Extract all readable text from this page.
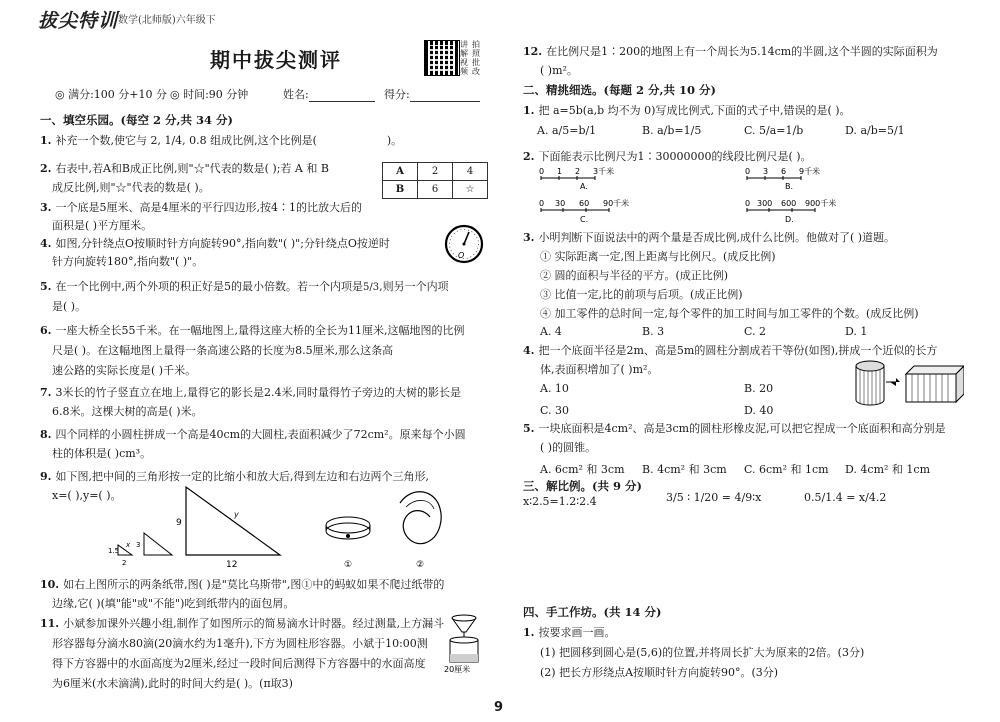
拔尖特训 数学(北师版)六年级下
期中拔尖测评
讲
解
视
频
拍
照
批
改
◎ 满分:100 分+10 分 ◎ 时间:90 分钟	姓名:	得分:
一、填空乐园。(每空 2 分,共 34 分)
1. 补充一个数,使它与 2, 1/4, 0.8 组成比例,这个比例是(	)。
2. 右表中,若A和B成正比例,则"☆"代表的数是( );若 A 和 B
成反比例,则"☆"代表的数是( )。
A	2	4
B	6	☆
3. 一个底是5厘米、高是4厘米的平行四边形,按4∶1的比放大后的
面积是( )平方厘米。
4. 如图,分针绕点O按顺时针方向旋转90°,指向数"( )";分针绕点O按逆时
针方向旋转180°,指向数"( )"。	O
5. 在一个比例中,两个外项的积正好是5的最小倍数。若一个内项是5/3,则另一个内项
是( )。
6. 一座大桥全长55千米。在一幅地图上,量得这座大桥的全长为11厘米,这幅地图的比例
尺是( )。在这幅地图上量得一条高速公路的长度为8.5厘米,那么这条高
速公路的实际长度是( )千米。
7. 3米长的竹子竖直立在地上,量得它的影长是2.4米,同时量得竹子旁边的大树的影长是
6.8米。这棵大树的高是( )米。
8. 四个同样的小圆柱拼成一个高是40cm的大圆柱,表面积减少了72cm²。原来每个小圆
柱的体积是( )cm³。
9. 如下图,把中间的三角形按一定的比缩小和放大后,得到左边和右边两个三角形,
x=( ),y=( )。
1.5
2
x 3
9
y
12	①	②
10. 如右上图所示的两条纸带,图( )是"莫比乌斯带",图①中的蚂蚁如果不爬过纸带的
边缘,它( )(填"能"或"不能")吃到纸带内的面包屑。
11. 小斌参加课外兴趣小组,制作了如图所示的简易滴水计时器。经过测量,上方漏斗
形容器每分滴水80滴(20滴水约为1毫升),下方为圆柱形容器。小斌于10:00测
得下方容器中的水面高度为2厘米,经过一段时间后测得下方容器中的水面高度
为6厘米(水未滴满),此时的时间大约是( )。(π取3)
20厘米
12. 在比例尺是1∶200的地图上有一个周长为5.14cm的半圆,这个半圆的实际面积为
( )m²。
二、精挑细选。(每题 2 分,共 10 分)
1. 把 a=5b(a,b 均不为 0)写成比例式,下面的式子中,错误的是( )。
A. a/5=b/1	B. a/b=1/5	C. 5/a=1/b	D. a/b=5/1
2. 下面能表示比例尺为1∶30000000的线段比例尺是( )。
0 1 2 3千米
A.
0 3 6 9千米
B.
0 30 60 90千米
C.
0 300 600 900千米
D.
3. 小明判断下面说法中的两个量是否成比例,成什么比例。他做对了( )道题。
① 实际距离一定,图上距离与比例尺。(成反比例)
② 圆的面积与半径的平方。(成正比例)
③ 比值一定,比的前项与后项。(成正比例)
④ 加工零件的总时间一定,每个零件的加工时间与加工零件的个数。(成反比例)
A. 4	B. 3	C. 2	D. 1
4. 把一个底面半径是2m、高是5m的圆柱分割成若干等份(如图),拼成一个近似的长方
体,表面积增加了( )m²。
A. 10	B. 20
C. 30	D. 40
5. 一块底面积是4cm²、高是3cm的圆柱形橡皮泥,可以把它捏成一个底面积和高分别是
( )的圆锥。
A. 6cm² 和 3cm B. 4cm² 和 3cm C. 6cm² 和 1cm D. 4cm² 和 1cm
三、解比例。(共 9 分)
x∶2.5=1.2∶2.4	3/5 ∶ 1/20 = 4/9∶x	0.5/1.4 = x/4.2
四、手工作坊。(共 14 分)
1. 按要求画一画。
(1) 把圆移到圆心是(5,6)的位置,并将周长扩大为原来的2倍。(3分)
(2) 把长方形绕点A按顺时针方向旋转90°。(3分)
9
